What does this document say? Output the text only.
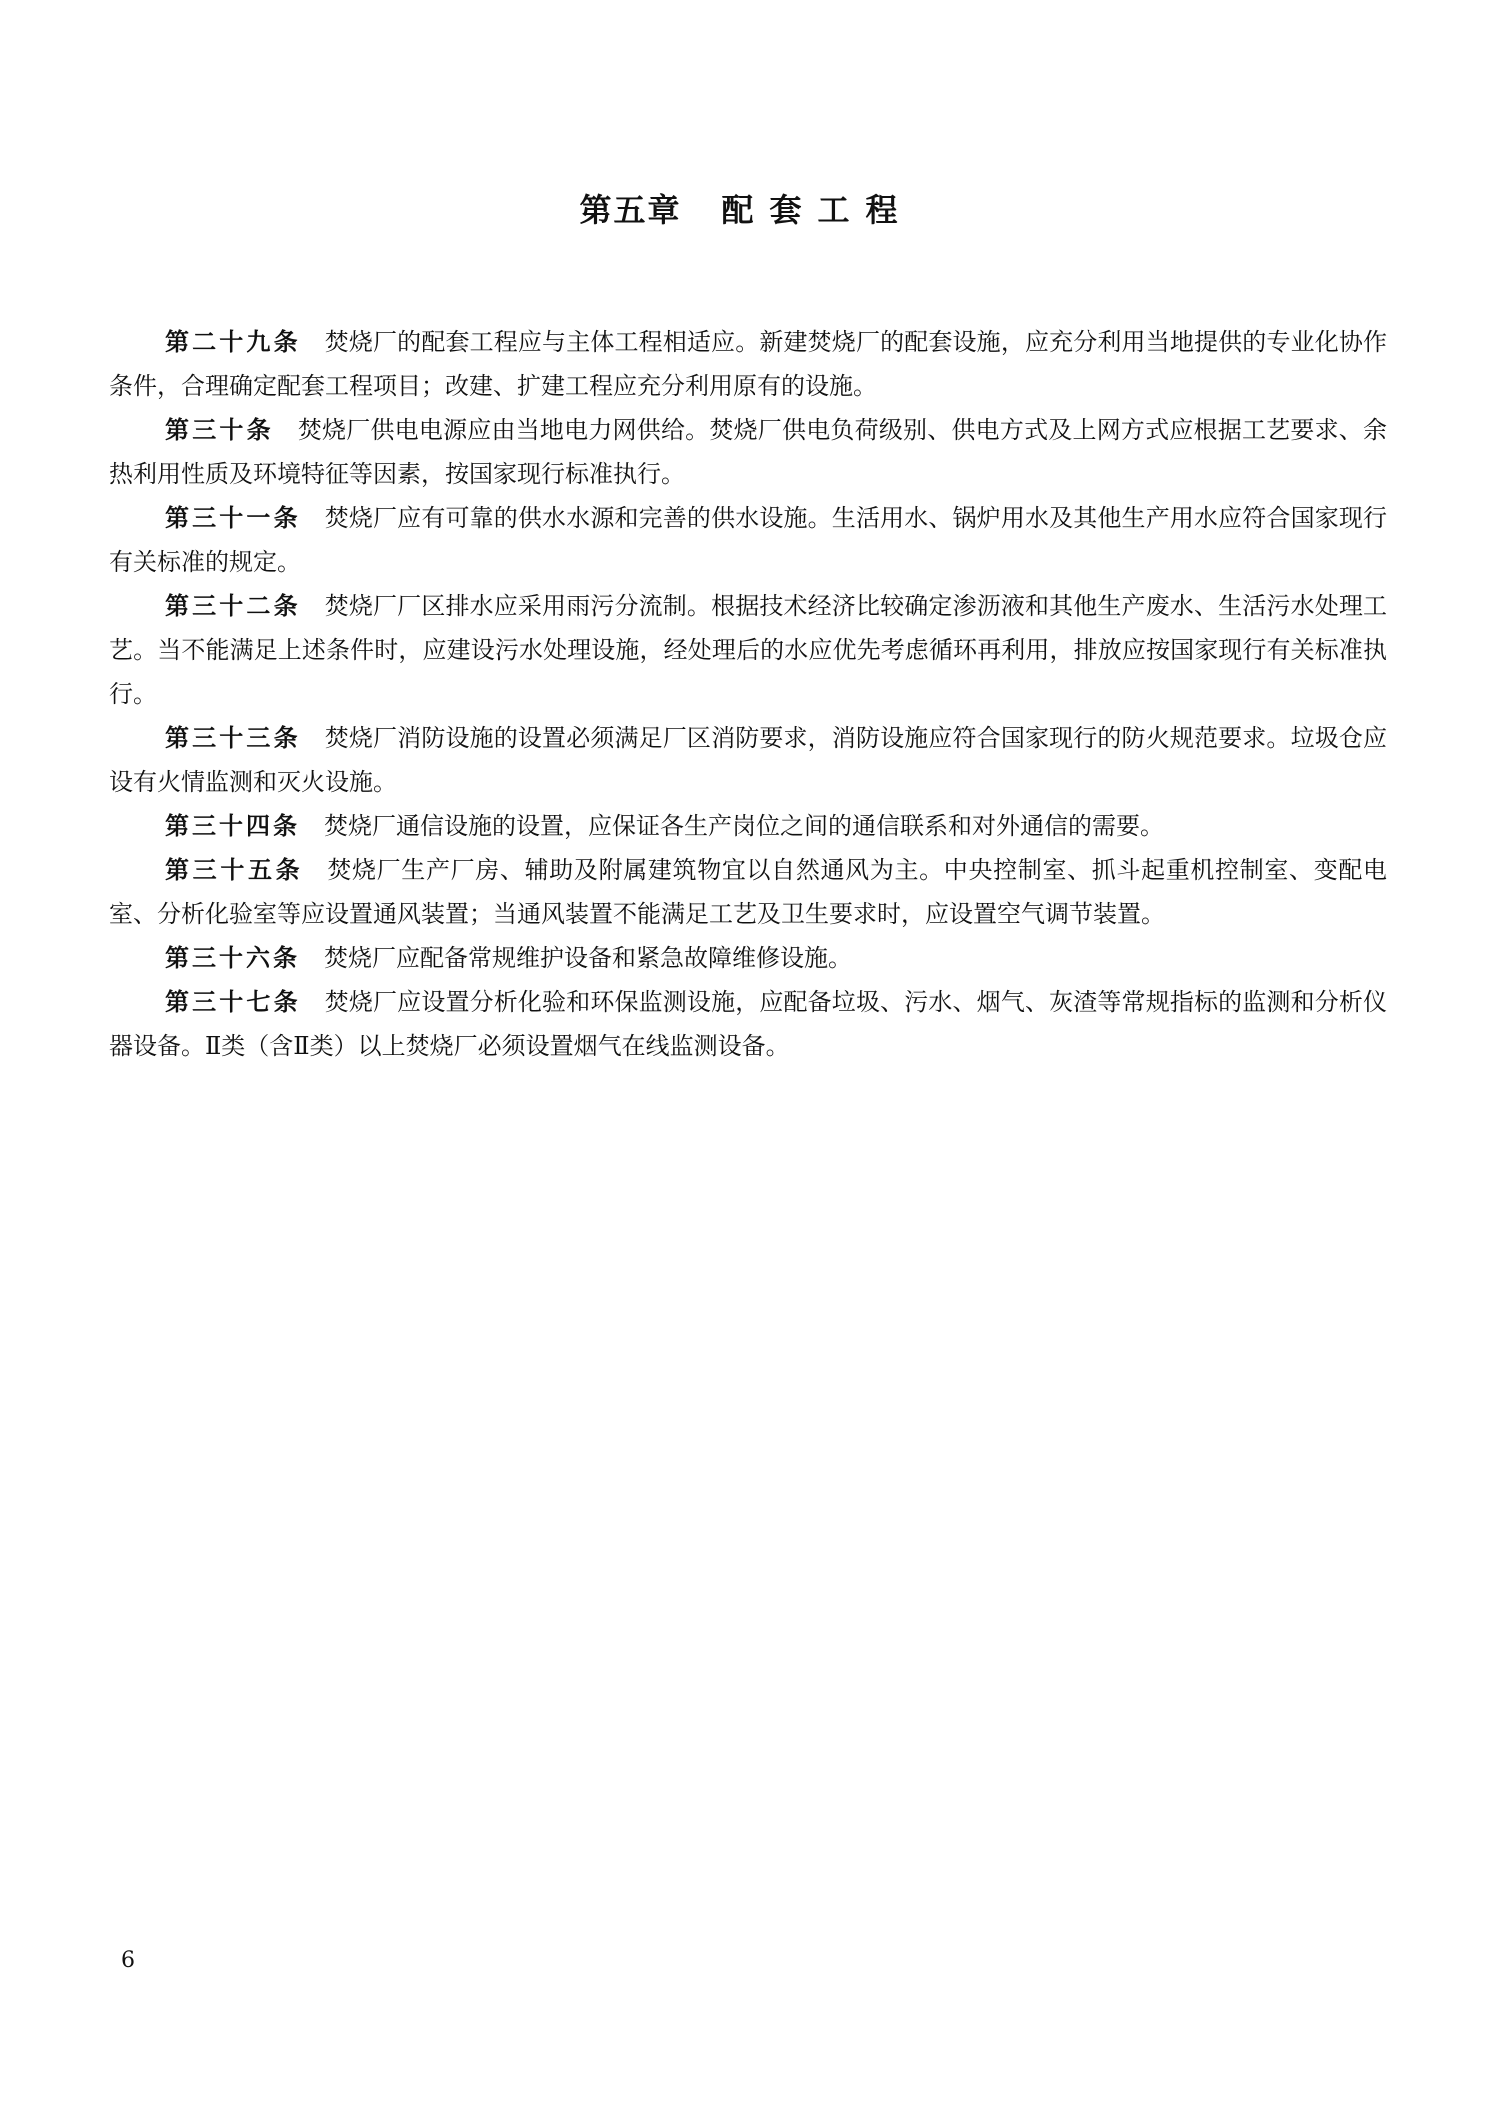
第五章 配套工程

第二十九条 焚烧厂的配套工程应与主体工程相适应。新建焚烧厂的配套设施，应充分利用当地提供的专业化协作条件，合理确定配套工程项目；改建、扩建工程应充分利用原有的设施。

第三十条 焚烧厂供电电源应由当地电力网供给。焚烧厂供电负荷级别、供电方式及上网方式应根据工艺要求、余热利用性质及环境特征等因素，按国家现行标准执行。

第三十一条 焚烧厂应有可靠的供水水源和完善的供水设施。生活用水、锅炉用水及其他生产用水应符合国家现行有关标准的规定。

第三十二条 焚烧厂厂区排水应采用雨污分流制。根据技术经济比较确定渗沥液和其他生产废水、生活污水处理工艺。当不能满足上述条件时，应建设污水处理设施，经处理后的水应优先考虑循环再利用，排放应按国家现行有关标准执行。

第三十三条 焚烧厂消防设施的设置必须满足厂区消防要求，消防设施应符合国家现行的防火规范要求。垃圾仓应设有火情监测和灭火设施。

第三十四条 焚烧厂通信设施的设置，应保证各生产岗位之间的通信联系和对外通信的需要。

第三十五条 焚烧厂生产厂房、辅助及附属建筑物宜以自然通风为主。中央控制室、抓斗起重机控制室、变配电室、分析化验室等应设置通风装置；当通风装置不能满足工艺及卫生要求时，应设置空气调节装置。

第三十六条 焚烧厂应配备常规维护设备和紧急故障维修设施。

第三十七条 焚烧厂应设置分析化验和环保监测设施，应配备垃圾、污水、烟气、灰渣等常规指标的监测和分析仪器设备。Ⅱ类（含Ⅱ类）以上焚烧厂必须设置烟气在线监测设备。

6
